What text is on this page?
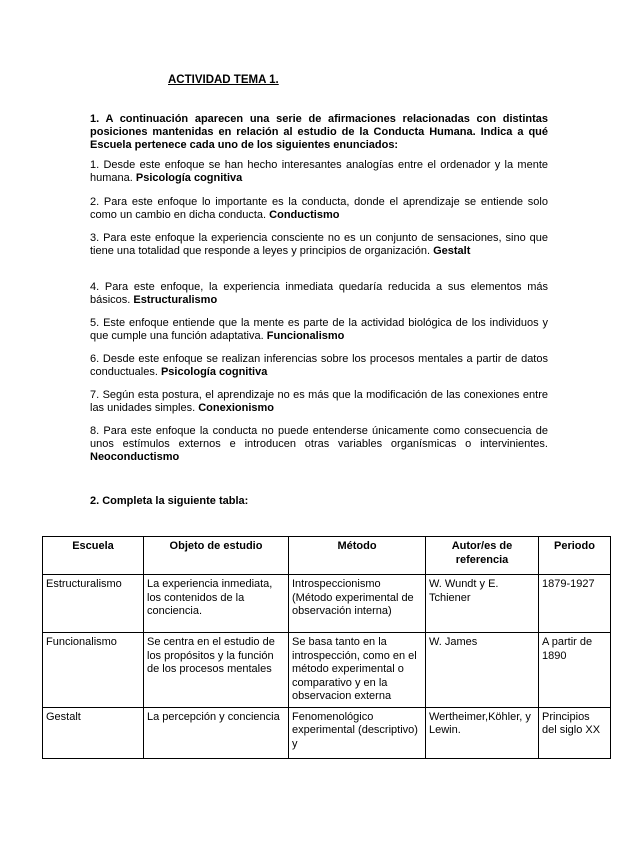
ACTIVIDAD TEMA 1.
1. A continuación aparecen una serie de afirmaciones relacionadas con distintas posiciones mantenidas en relación al estudio de la Conducta Humana. Indica a qué Escuela pertenece cada uno de los siguientes enunciados:

1. Desde este enfoque se han hecho interesantes analogías entre el ordenador y la mente humana. Psicología cognitiva

2. Para este enfoque lo importante es la conducta, donde el aprendizaje se entiende solo como un cambio en dicha conducta. Conductismo

3. Para este enfoque la experiencia consciente no es un conjunto de sensaciones, sino que tiene una totalidad que responde a leyes y principios de organización. Gestalt

4. Para este enfoque, la experiencia inmediata quedaría reducida a sus elementos más básicos. Estructuralismo

5. Este enfoque entiende que la mente es parte de la actividad biológica de los individuos y que cumple una función adaptativa. Funcionalismo

6. Desde este enfoque se realizan inferencias sobre los procesos mentales a partir de datos conductuales. Psicología cognitiva

7. Según esta postura, el aprendizaje no es más que la modificación de las conexiones entre las unidades simples. Conexionismo

8. Para este enfoque la conducta no puede entenderse únicamente como consecuencia de unos estímulos externos e introducen otras variables organísmicas o intervinientes. Neoconductismo

2. Completa la siguiente tabla:
Escuela	Objeto de estudio	Método	Autor/es de referencia	Periodo
Estructuralismo	La experiencia inmediata, los contenidos de la conciencia.	Introspeccionismo (Método experimental de observación interna)	W. Wundt y E. Tchiener	1879-1927
Funcionalismo	Se centra en el estudio de los propósitos y la función de los procesos mentales	Se basa tanto en la introspección, como en el método experimental o comparativo y en la observacion externa	W. James	A partir de 1890
Gestalt	La percepción y conciencia	Fenomenológico experimental (descriptivo) y	Wertheimer,Köhler, y Lewin.	Principios del siglo XX
